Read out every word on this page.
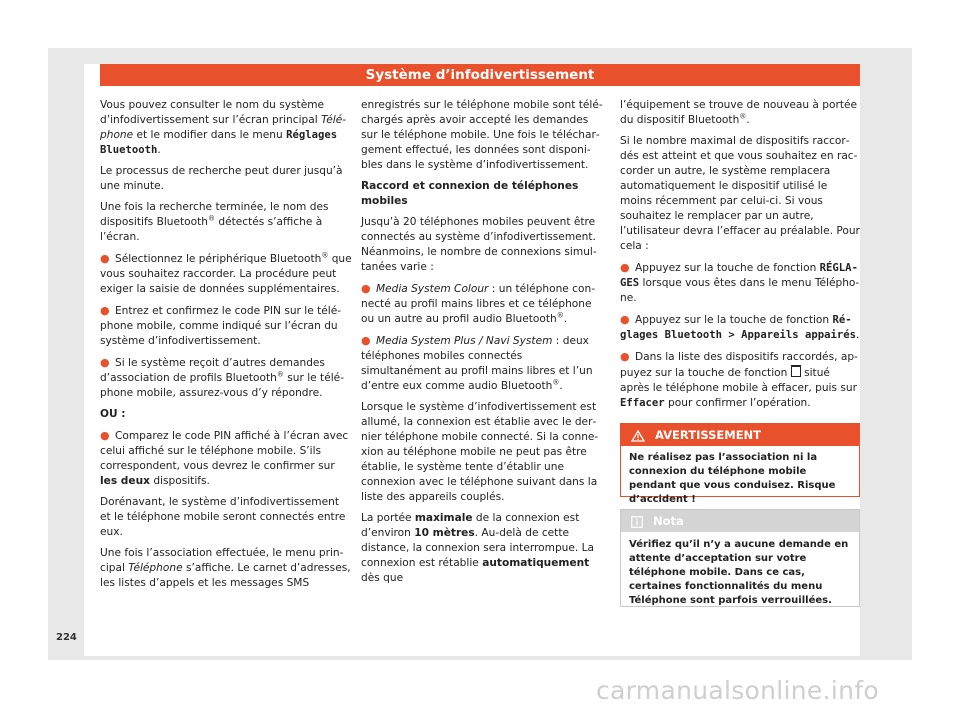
Système d’infodivertissement

Vous pouvez consulter le nom du système d’infodivertissement sur l’écran principal Téléphone et le modifier dans le menu Réglages Bluetooth.

Le processus de recherche peut durer jusqu’à une minute.

Une fois la recherche terminée, le nom des dispositifs Bluetooth® détectés s’affiche à l’écran.

● Sélectionnez le périphérique Bluetooth® que vous souhaitez raccorder. La procédure peut exiger la saisie de données supplémentaires.

● Entrez et confirmez le code PIN sur le téléphone mobile, comme indiqué sur l’écran du système d’infodivertissement.

● Si le système reçoit d’autres demandes d’association de profils Bluetooth® sur le téléphone mobile, assurez-vous d’y répondre.

OU :

● Comparez le code PIN affiché à l’écran avec celui affiché sur le téléphone mobile. S’ils correspondent, vous devrez le confirmer sur les deux dispositifs.

Dorénavant, le système d’infodivertissement et le téléphone mobile seront connectés entre eux.

Une fois l’association effectuée, le menu principal Téléphone s’affiche. Le carnet d’adresses, les listes d’appels et les messages SMS

enregistrés sur le téléphone mobile sont téléchargés après avoir accepté les demandes sur le téléphone mobile. Une fois le téléchargement effectué, les données sont disponibles dans le système d’infodivertissement.

Raccord et connexion de téléphones mobiles

Jusqu’à 20 téléphones mobiles peuvent être connectés au système d’infodivertissement. Néanmoins, le nombre de connexions simultanées varie :

● Media System Colour : un téléphone connecté au profil mains libres et ce téléphone ou un autre au profil audio Bluetooth®.

● Media System Plus / Navi System : deux téléphones mobiles connectés simultanément au profil mains libres et l’un d’entre eux comme audio Bluetooth®.

Lorsque le système d’infodivertissement est allumé, la connexion est établie avec le dernier téléphone mobile connecté. Si la connexion au téléphone mobile ne peut pas être établie, le système tente d’établir une connexion avec le téléphone suivant dans la liste des appareils couplés.

La portée maximale de la connexion est d’environ 10 mètres. Au-delà de cette distance, la connexion sera interrompue. La connexion est rétablie automatiquement dès que

l’équipement se trouve de nouveau à portée du dispositif Bluetooth®.

Si le nombre maximal de dispositifs raccordés est atteint et que vous souhaitez en raccorder un autre, le système remplacera automatiquement le dispositif utilisé le moins récemment par celui-ci. Si vous souhaitez le remplacer par un autre, l’utilisateur devra l’effacer au préalable. Pour cela :

● Appuyez sur la touche de fonction RÉGLAGES lorsque vous êtes dans le menu Téléphone.

● Appuyez sur le la touche de fonction Réglages Bluetooth > Appareils appairés.

● Dans la liste des dispositifs raccordés, appuyez sur la touche de fonction  situé après le téléphone mobile à effacer, puis sur Effacer pour confirmer l’opération.

AVERTISSEMENT
Ne réalisez pas l’association ni la connexion du téléphone mobile pendant que vous conduisez. Risque d’accident !
Nota
Vérifiez qu’il n’y a aucune demande en attente d’acceptation sur votre téléphone mobile. Dans ce cas, certaines fonctionnalités du menu Téléphone sont parfois verrouillées.
224
carmanualsonline.info
